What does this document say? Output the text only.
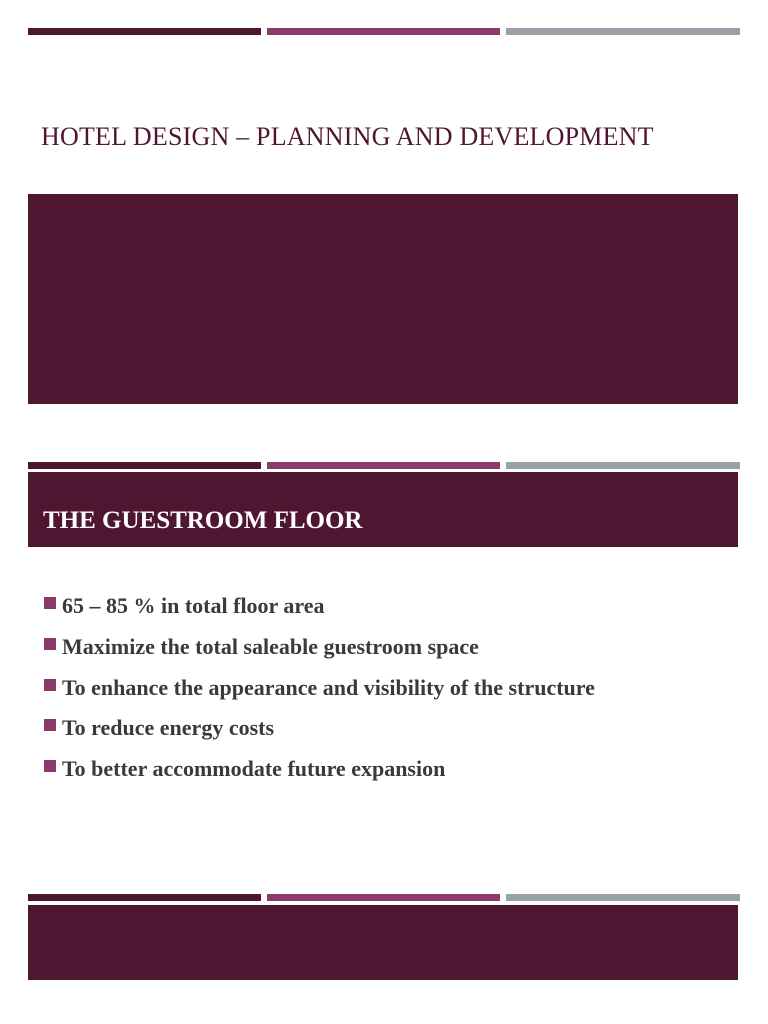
HOTEL DESIGN – PLANNING AND DEVELOPMENT
THE GUESTROOM FLOOR
65 – 85 % in total floor area
Maximize the total saleable guestroom space
To enhance the appearance and visibility of the structure
To reduce energy costs
To better accommodate future expansion
